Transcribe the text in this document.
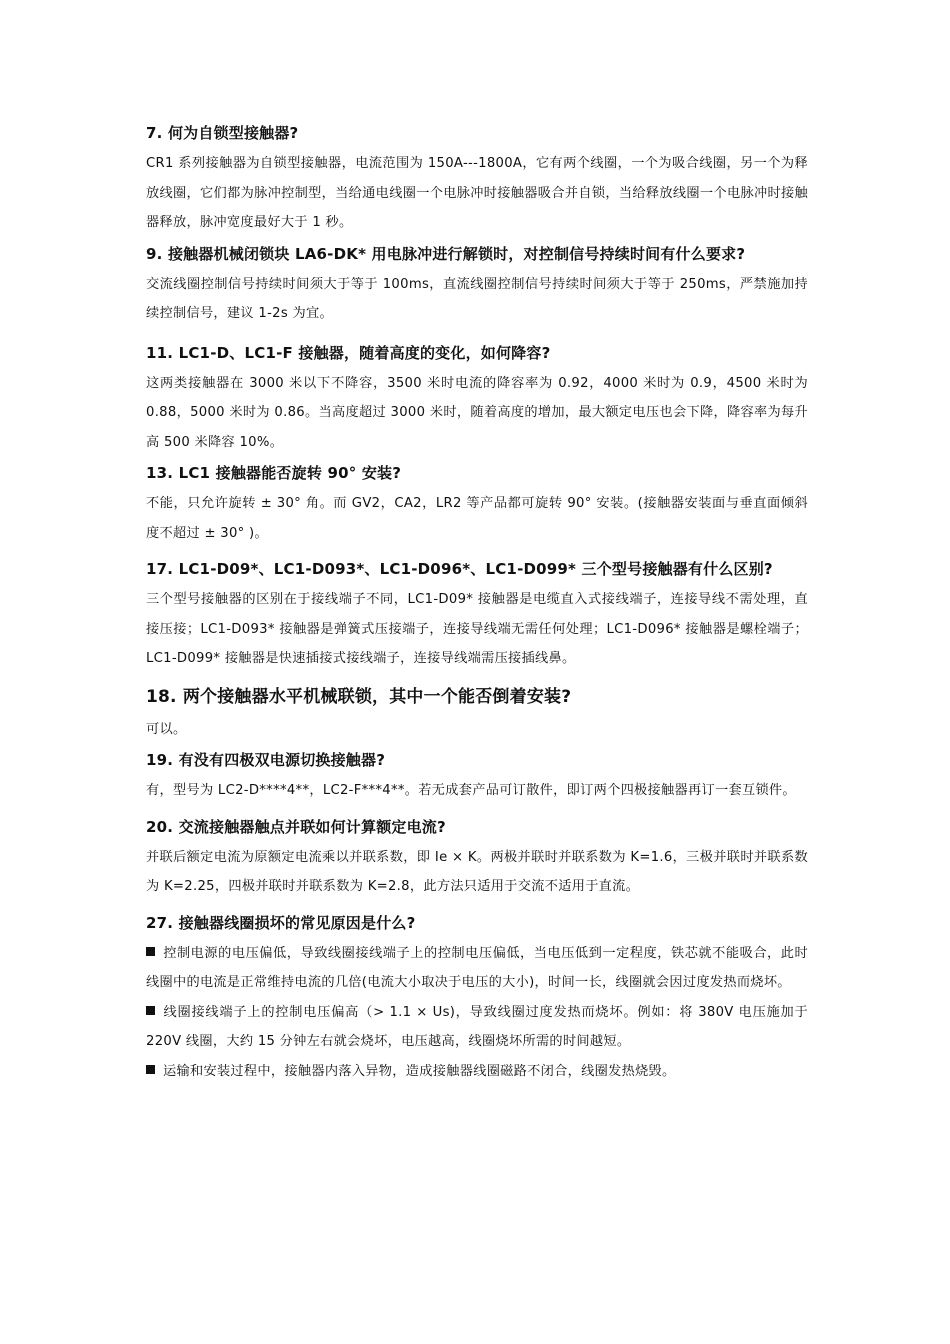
7. 何为自锁型接触器?

CR1 系列接触器为自锁型接触器，电流范围为 150A---1800A，它有两个线圈，一个为吸合线圈，另一个为释放线圈，它们都为脉冲控制型，当给通电线圈一个电脉冲时接触器吸合并自锁，当给释放线圈一个电脉冲时接触器释放，脉冲宽度最好大于 1 秒。

9. 接触器机械闭锁块 LA6-DK* 用电脉冲进行解锁时，对控制信号持续时间有什么要求?

交流线圈控制信号持续时间须大于等于 100ms，直流线圈控制信号持续时间须大于等于 250ms，严禁施加持续控制信号，建议 1-2s 为宜。

11. LC1-D、LC1-F 接触器，随着高度的变化，如何降容?

这两类接触器在 3000 米以下不降容，3500 米时电流的降容率为 0.92，4000 米时为 0.9，4500 米时为 0.88，5000 米时为 0.86。当高度超过 3000 米时，随着高度的增加，最大额定电压也会下降，降容率为每升高 500 米降容 10%。

13. LC1 接触器能否旋转 90° 安装?

不能，只允许旋转 ± 30° 角。而 GV2，CA2，LR2 等产品都可旋转 90° 安装。(接触器安装面与垂直面倾斜度不超过 ± 30° )。

17. LC1-D09*、LC1-D093*、LC1-D096*、LC1-D099* 三个型号接触器有什么区别?

三个型号接触器的区别在于接线端子不同，LC1-D09* 接触器是电缆直入式接线端子，连接导线不需处理，直接压接；LC1-D093* 接触器是弹簧式压接端子，连接导线端无需任何处理；LC1-D096* 接触器是螺栓端子；LC1-D099* 接触器是快速插接式接线端子，连接导线端需压接插线鼻。

18. 两个接触器水平机械联锁，其中一个能否倒着安装?

可以。

19. 有没有四极双电源切换接触器?

有，型号为 LC2-D****4**，LC2-F***4**。若无成套产品可订散件，即订两个四极接触器再订一套互锁件。

20. 交流接触器触点并联如何计算额定电流?

并联后额定电流为原额定电流乘以并联系数，即 Ie × K。两极并联时并联系数为 K=1.6，三极并联时并联系数为 K=2.25，四极并联时并联系数为 K=2.8，此方法只适用于交流不适用于直流。

27. 接触器线圈损坏的常见原因是什么?

控制电源的电压偏低，导致线圈接线端子上的控制电压偏低，当电压低到一定程度，铁芯就不能吸合，此时线圈中的电流是正常维持电流的几倍(电流大小取决于电压的大小)，时间一长，线圈就会因过度发热而烧坏。

线圈接线端子上的控制电压偏高（> 1.1 × Us)，导致线圈过度发热而烧坏。例如：将 380V 电压施加于 220V 线圈，大约 15 分钟左右就会烧坏，电压越高，线圈烧坏所需的时间越短。

运输和安装过程中，接触器内落入异物，造成接触器线圈磁路不闭合，线圈发热烧毁。
